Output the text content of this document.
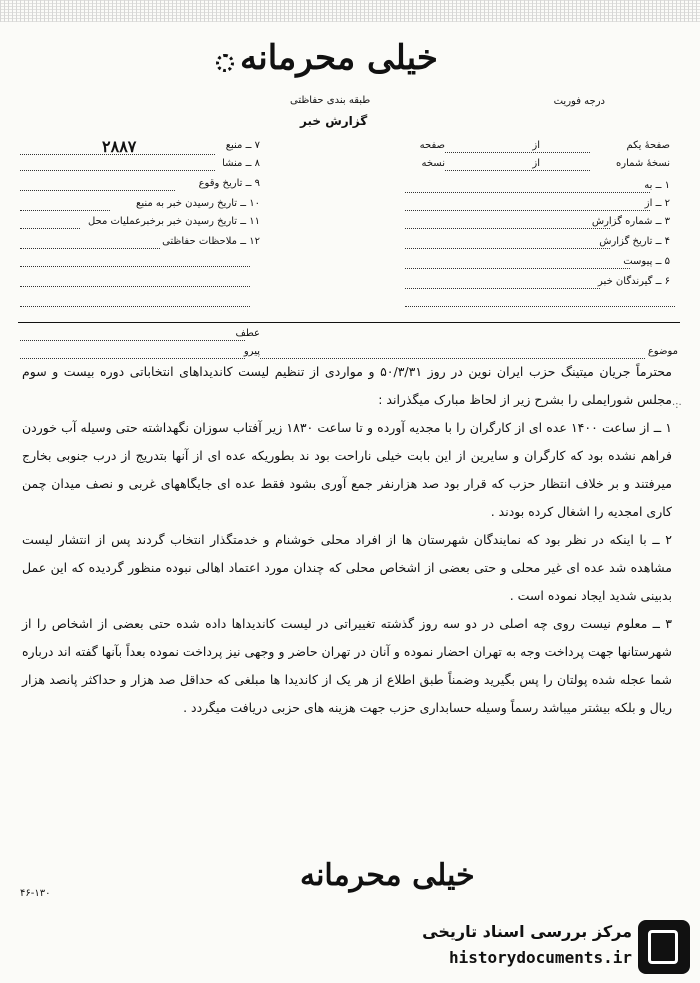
خیلی محرمانه
طبقه بندی حفاظتی
گزارش خبر
درجه فوریت
صفحۀ یکم
از
صفحه
نسخۀ شماره
از
نسخه
۱ ــ به
۲ ــ از
۳ ــ شماره گزارش
۴ ــ تاریخ گزارش
۵ ــ پیوست
۶ ــ گیرندگان خبر
۲۸۸۷	۷ ــ منبع
۸ ــ منشا
۹ ــ تاریخ وقوع
۱۰ ــ تاریخ رسیدن خبر به منبع
۱۱ ــ تاریخ رسیدن خبر برخبرعملیات محل
۱۲ ــ ملاحظات حفاظتی
عطف
پیرو	موضوع

محترماً جریان میتینگ حزب ایران نوین در روز ۵۰/۳/۳۱ و مواردی از تنظیم لیست کاندیداهای انتخاباتی دوره بیست و سوم مجلس شورایملی را بشرح زیر از لحاظ مبارک میگذراند :

۱ ــ از ساعت ۱۴۰۰ عده ای از کارگران را با مجدیه آورده و تا ساعت ۱۸۳۰ زیر آفتاب سوزان نگهداشته حتی وسیله آب خوردن فراهم نشده بود که کارگران و سایرین از این بابت خیلی ناراحت بود ند بطوریکه عده ای از آنها بتدریج از درب جنوبی بخارج میرفتند و بر خلاف انتظار حزب که قرار بود صد هزارنفر جمع آوری بشود فقط عده ای جایگاههای غربی و نصف میدان چمن کاری امجدیه را اشغال کرده بودند .

۲ ــ با اینکه در نظر بود که نمایندگان شهرستان ها از افراد محلی خوشنام و خدمتگذار انتخاب گردند پس از انتشار لیست مشاهده شد عده ای غیر محلی و حتی بعضی از اشخاص محلی که چندان مورد اعتماد اهالی نبوده منظور گردیده که این عمل بدبینی شدید ایجاد نموده است .

۳ ــ معلوم نیست روی چه اصلی در دو سه روز گذشته تغییراتی در لیست کاندیداها داده شده حتی بعضی از اشخاص را از شهرستانها جهت پرداخت وجه به تهران احضار نموده و آنان در تهران حاضر و وجهی نیز پرداخت نموده بعداً بآنها گفته اند درباره شما عجله شده پولتان را پس بگیرید وضمناً طبق اطلاع از هر یک از کاندیدا ها مبلغی که حداقل صد هزار و حداکثر پانصد هزار ریال و بلکه بیشتر میباشد رسماً وسیله حسابداری حزب جهت هزینه های حزبی دریافت میگردد .

خیلی محرمانه
۴۶-۱۳۰
·:·
مرکز بررسی اسناد تاریخی
historydocuments.ir
